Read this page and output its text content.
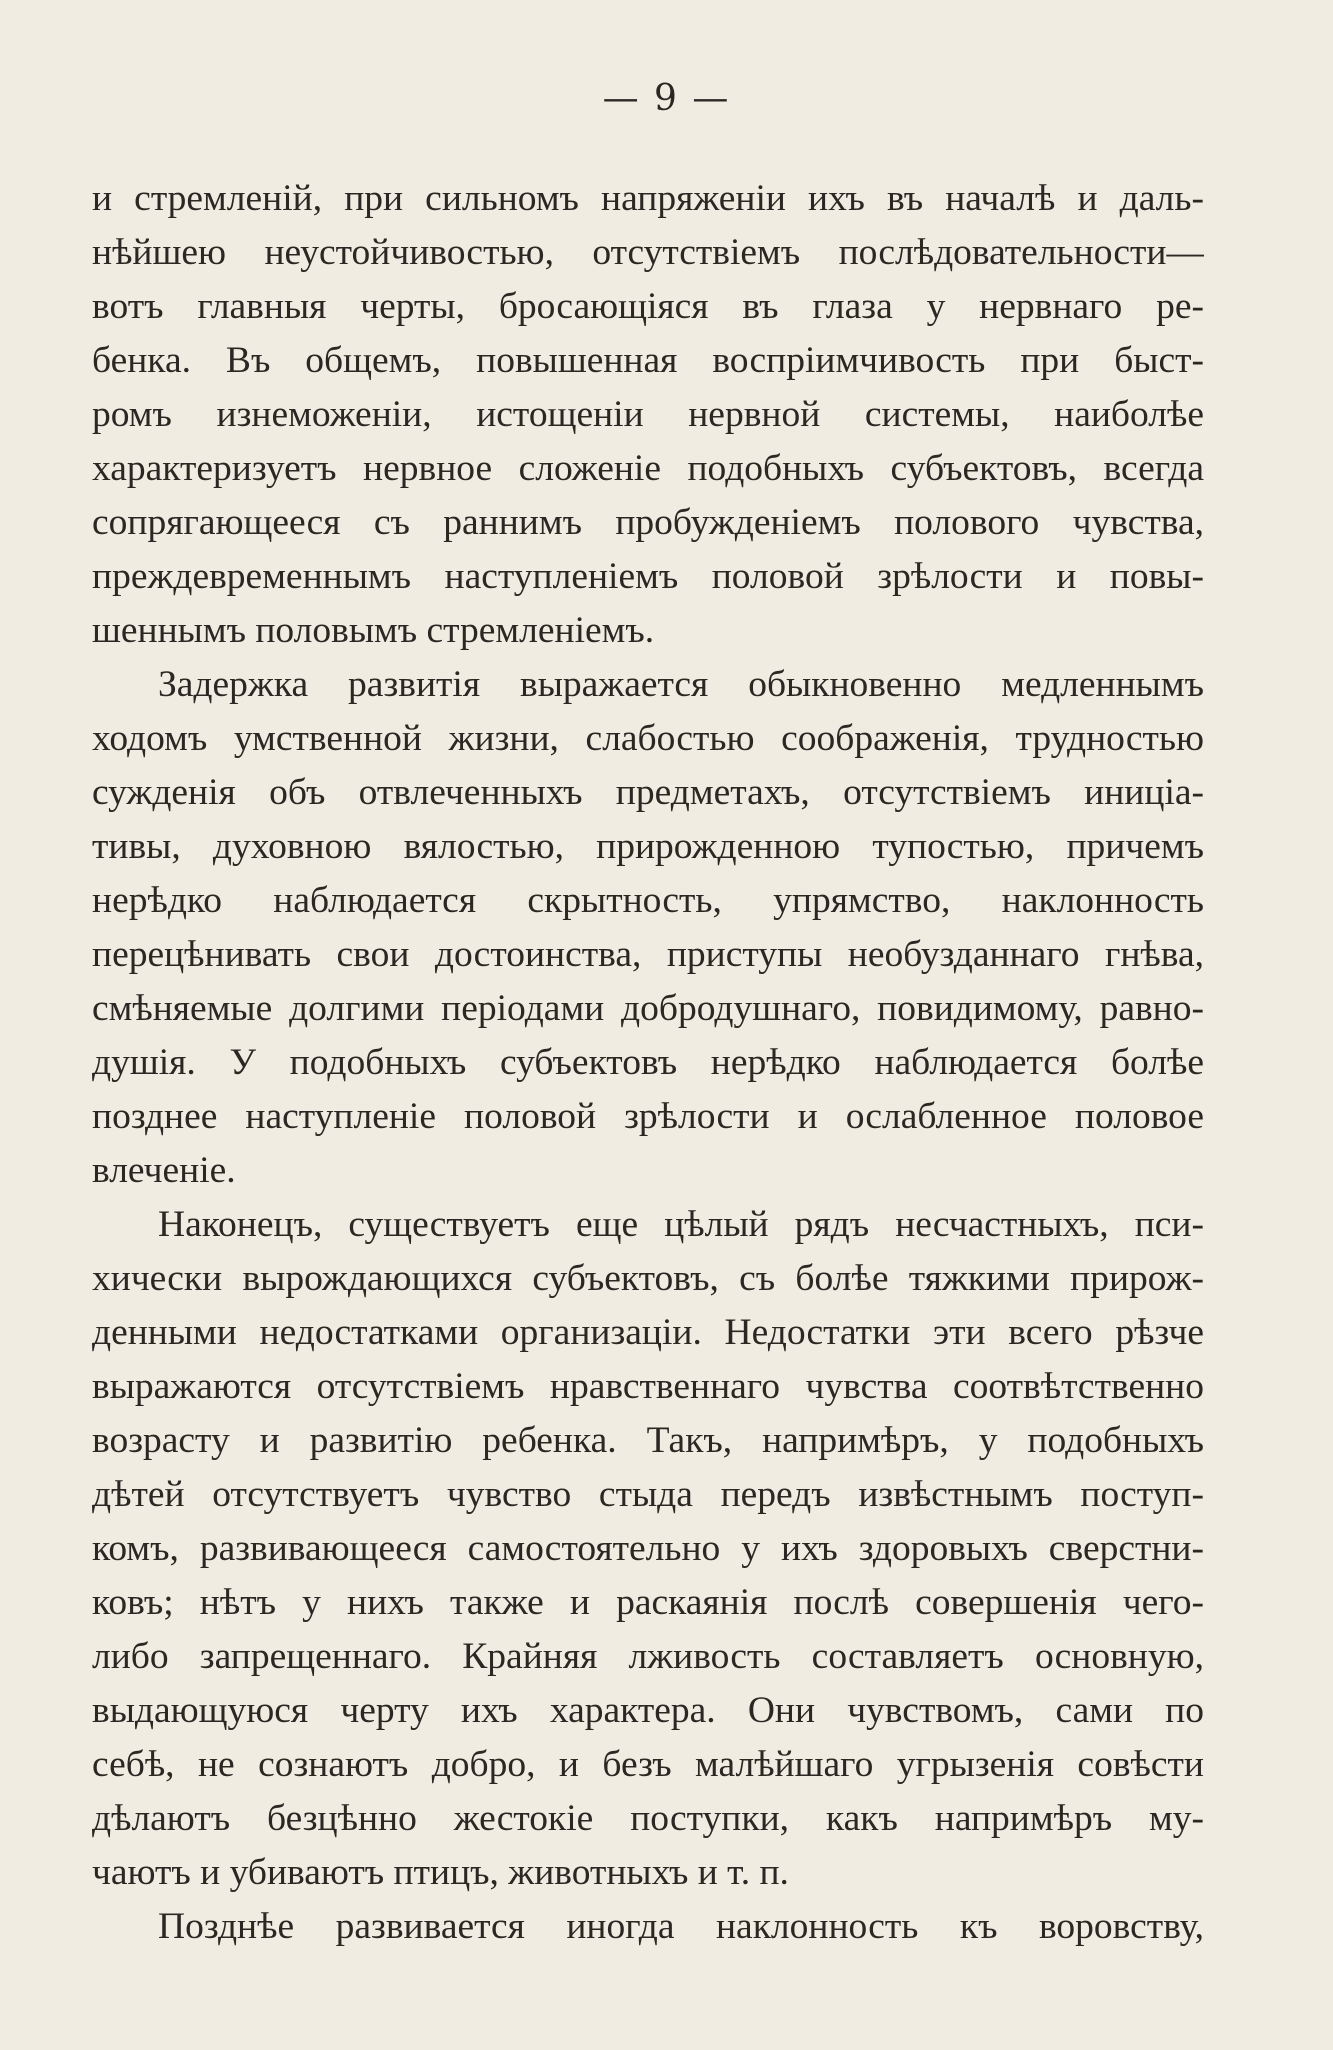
— 9 —
и стремленій, при сильномъ напряженіи ихъ въ началѣ и даль-
нѣйшею неустойчивостью, отсутствіемъ послѣдовательности—
вотъ главныя черты, бросающіяся въ глаза у нервнаго ре-
бенка. Въ общемъ, повышенная воспріимчивость при быст-
ромъ изнеможеніи, истощеніи нервной системы, наиболѣе
характеризуетъ нервное сложеніе подобныхъ субъектовъ, всегда
сопрягающееся съ раннимъ пробужденіемъ полового чувства,
преждевременнымъ наступленіемъ половой зрѣлости и повы-
шеннымъ половымъ стремленіемъ.
Задержка развитія выражается обыкновенно медленнымъ
ходомъ умственной жизни, слабостью соображенія, трудностью
сужденія объ отвлеченныхъ предметахъ, отсутствіемъ иниціа-
тивы, духовною вялостью, прирожденною тупостью, причемъ
нерѣдко наблюдается скрытность, упрямство, наклонность
перецѣнивать свои достоинства, приступы необузданнаго гнѣва,
смѣняемые долгими періодами добродушнаго, повидимому, равно-
душія. У подобныхъ субъектовъ нерѣдко наблюдается болѣе
позднее наступленіе половой зрѣлости и ослабленное половое
влеченіе.
Наконецъ, существуетъ еще цѣлый рядъ несчастныхъ, пси-
хически вырождающихся субъектовъ, съ болѣе тяжкими прирож-
денными недостатками организаціи. Недостатки эти всего рѣзче
выражаются отсутствіемъ нравственнаго чувства соотвѣтственно
возрасту и развитію ребенка. Такъ, напримѣръ, у подобныхъ
дѣтей отсутствуетъ чувство стыда передъ извѣстнымъ поступ-
комъ, развивающееся самостоятельно у ихъ здоровыхъ сверстни-
ковъ; нѣтъ у нихъ также и раскаянія послѣ совершенія чего-
либо запрещеннаго. Крайняя лживость составляетъ основную,
выдающуюся черту ихъ характера. Они чувствомъ, сами по
себѣ, не сознаютъ добро, и безъ малѣйшаго угрызенія совѣсти
дѣлаютъ безцѣнно жестокіе поступки, какъ напримѣръ му-
чаютъ и убиваютъ птицъ, животныхъ и т. п.
Позднѣе развивается иногда наклонность къ воровству,
